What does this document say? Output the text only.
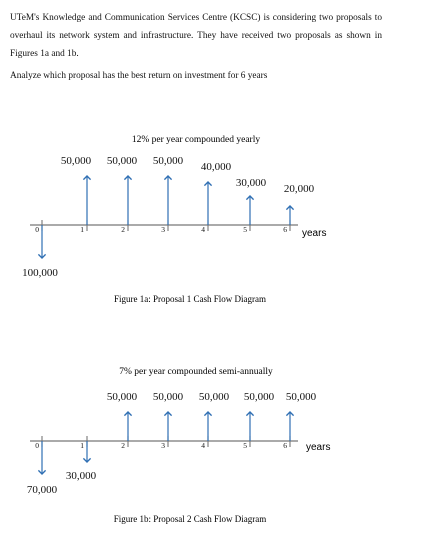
UTeM's Knowledge and Communication Services Centre (KCSC) is considering two proposals to overhaul its network system and infrastructure. They have received two proposals as shown in Figures 1a and 1b.

Analyze which proposal has the best return on investment for 6 years

12% per year compounded yearly
0	1	2	3	4	5	6
100,000
50,000 50,000 50,000 40,000
30,000 20,000
years
Figure 1a: Proposal 1 Cash Flow Diagram
7% per year compounded semi-annually
0	1	2	3	4	5	6
70,000
30,000
50,000 50,000 50,000 50,000 50,000
years
Figure 1b: Proposal 2 Cash Flow Diagram
